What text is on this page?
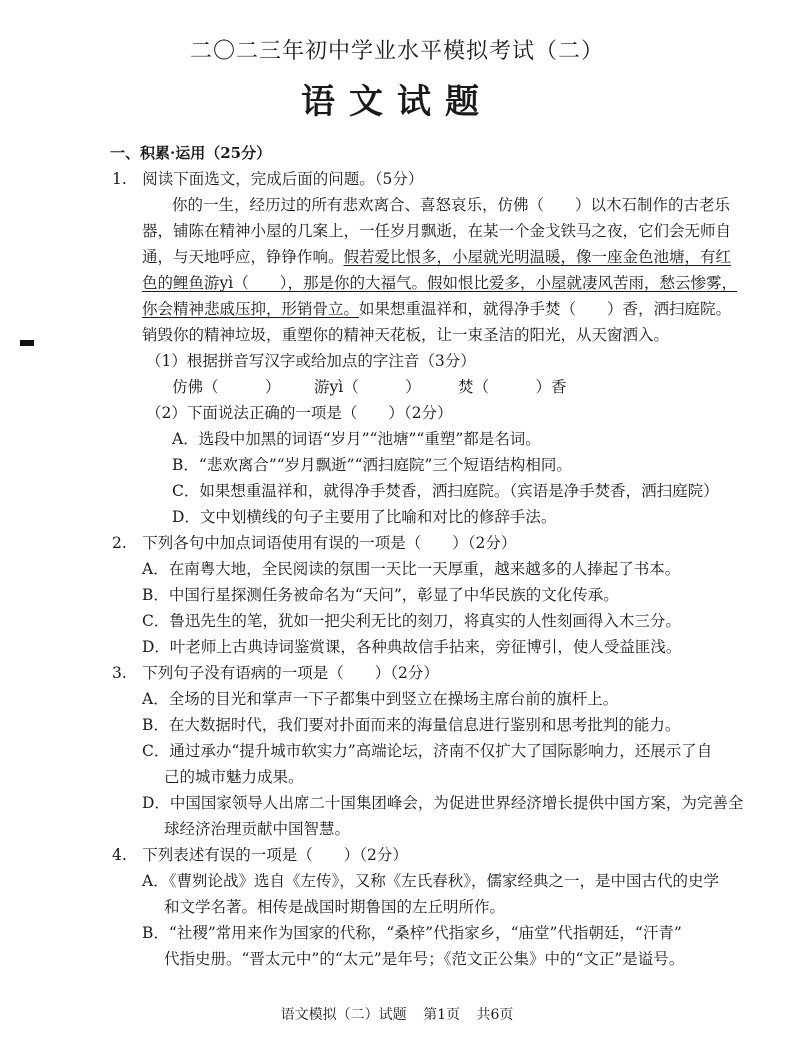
二〇二三年初中学业水平模拟考试（二）
语文试题
一、积累·运用（25分）
1.　阅读下面选文，完成后面的问题。（5分）
你的一生，经历过的所有悲欢离合、喜怒哀乐，仿佛（　　）以木石制作的古老乐
器，铺陈在精神小屋的几案上，一任岁月飘逝，在某一个金戈铁马之夜，它们会无师自
通，与天地呼应，铮铮作响。假若爱比恨多，小屋就光明温暖，像一座金色池塘，有红
色的鲤鱼游yì（　　），那是你的大福气。假如恨比爱多，小屋就凄风苦雨，愁云惨雾，
你会精神悲戚压抑，形销骨立。如果想重温祥和，就得净手焚（　　）香，洒扫庭院。
销毁你的精神垃圾，重塑你的精神天花板，让一束圣洁的阳光，从天窗洒入。
（1）根据拼音写汉字或给加点的字注音（3分）
仿佛（　　　） 游yì（　　　） 焚（　　　）香
（2）下面说法正确的一项是（　　）（2分）
A．选段中加黑的词语“岁月”“池塘”“重塑”都是名词。
B．“悲欢离合”“岁月飘逝”“洒扫庭院”三个短语结构相同。
C．如果想重温祥和，就得净手焚香，洒扫庭院。（宾语是净手焚香，洒扫庭院）
D．文中划横线的句子主要用了比喻和对比的修辞手法。
2.　下列各句中加点词语使用有误的一项是（　　）（2分）
A．在南粤大地，全民阅读的氛围一天比一天厚重，越来越多的人捧起了书本。
B．中国行星探测任务被命名为“天问”，彰显了中华民族的文化传承。
C．鲁迅先生的笔，犹如一把尖利无比的刻刀，将真实的人性刻画得入木三分。
D．叶老师上古典诗词鉴赏课，各种典故信手拈来，旁征博引，使人受益匪浅。
3.　下列句子没有语病的一项是（　　）（2分）
A．全场的目光和掌声一下子都集中到竖立在操场主席台前的旗杆上。
B．在大数据时代，我们要对扑面而来的海量信息进行鉴别和思考批判的能力。
C．通过承办“提升城市软实力”高端论坛，济南不仅扩大了国际影响力，还展示了自
己的城市魅力成果。
D．中国国家领导人出席二十国集团峰会，为促进世界经济增长提供中国方案，为完善全
球经济治理贡献中国智慧。
4.　下列表述有误的一项是（　　）（2分）
A．《曹刿论战》选自《左传》，又称《左氏春秋》，儒家经典之一，是中国古代的史学
和文学名著。相传是战国时期鲁国的左丘明所作。
B．“社稷”常用来作为国家的代称，“桑梓”代指家乡，“庙堂”代指朝廷，“汗青”
代指史册。“晋太元中”的“太元”是年号；《范文正公集》中的“文正”是谥号。
语文模拟（二）试题 第1页 共6页
